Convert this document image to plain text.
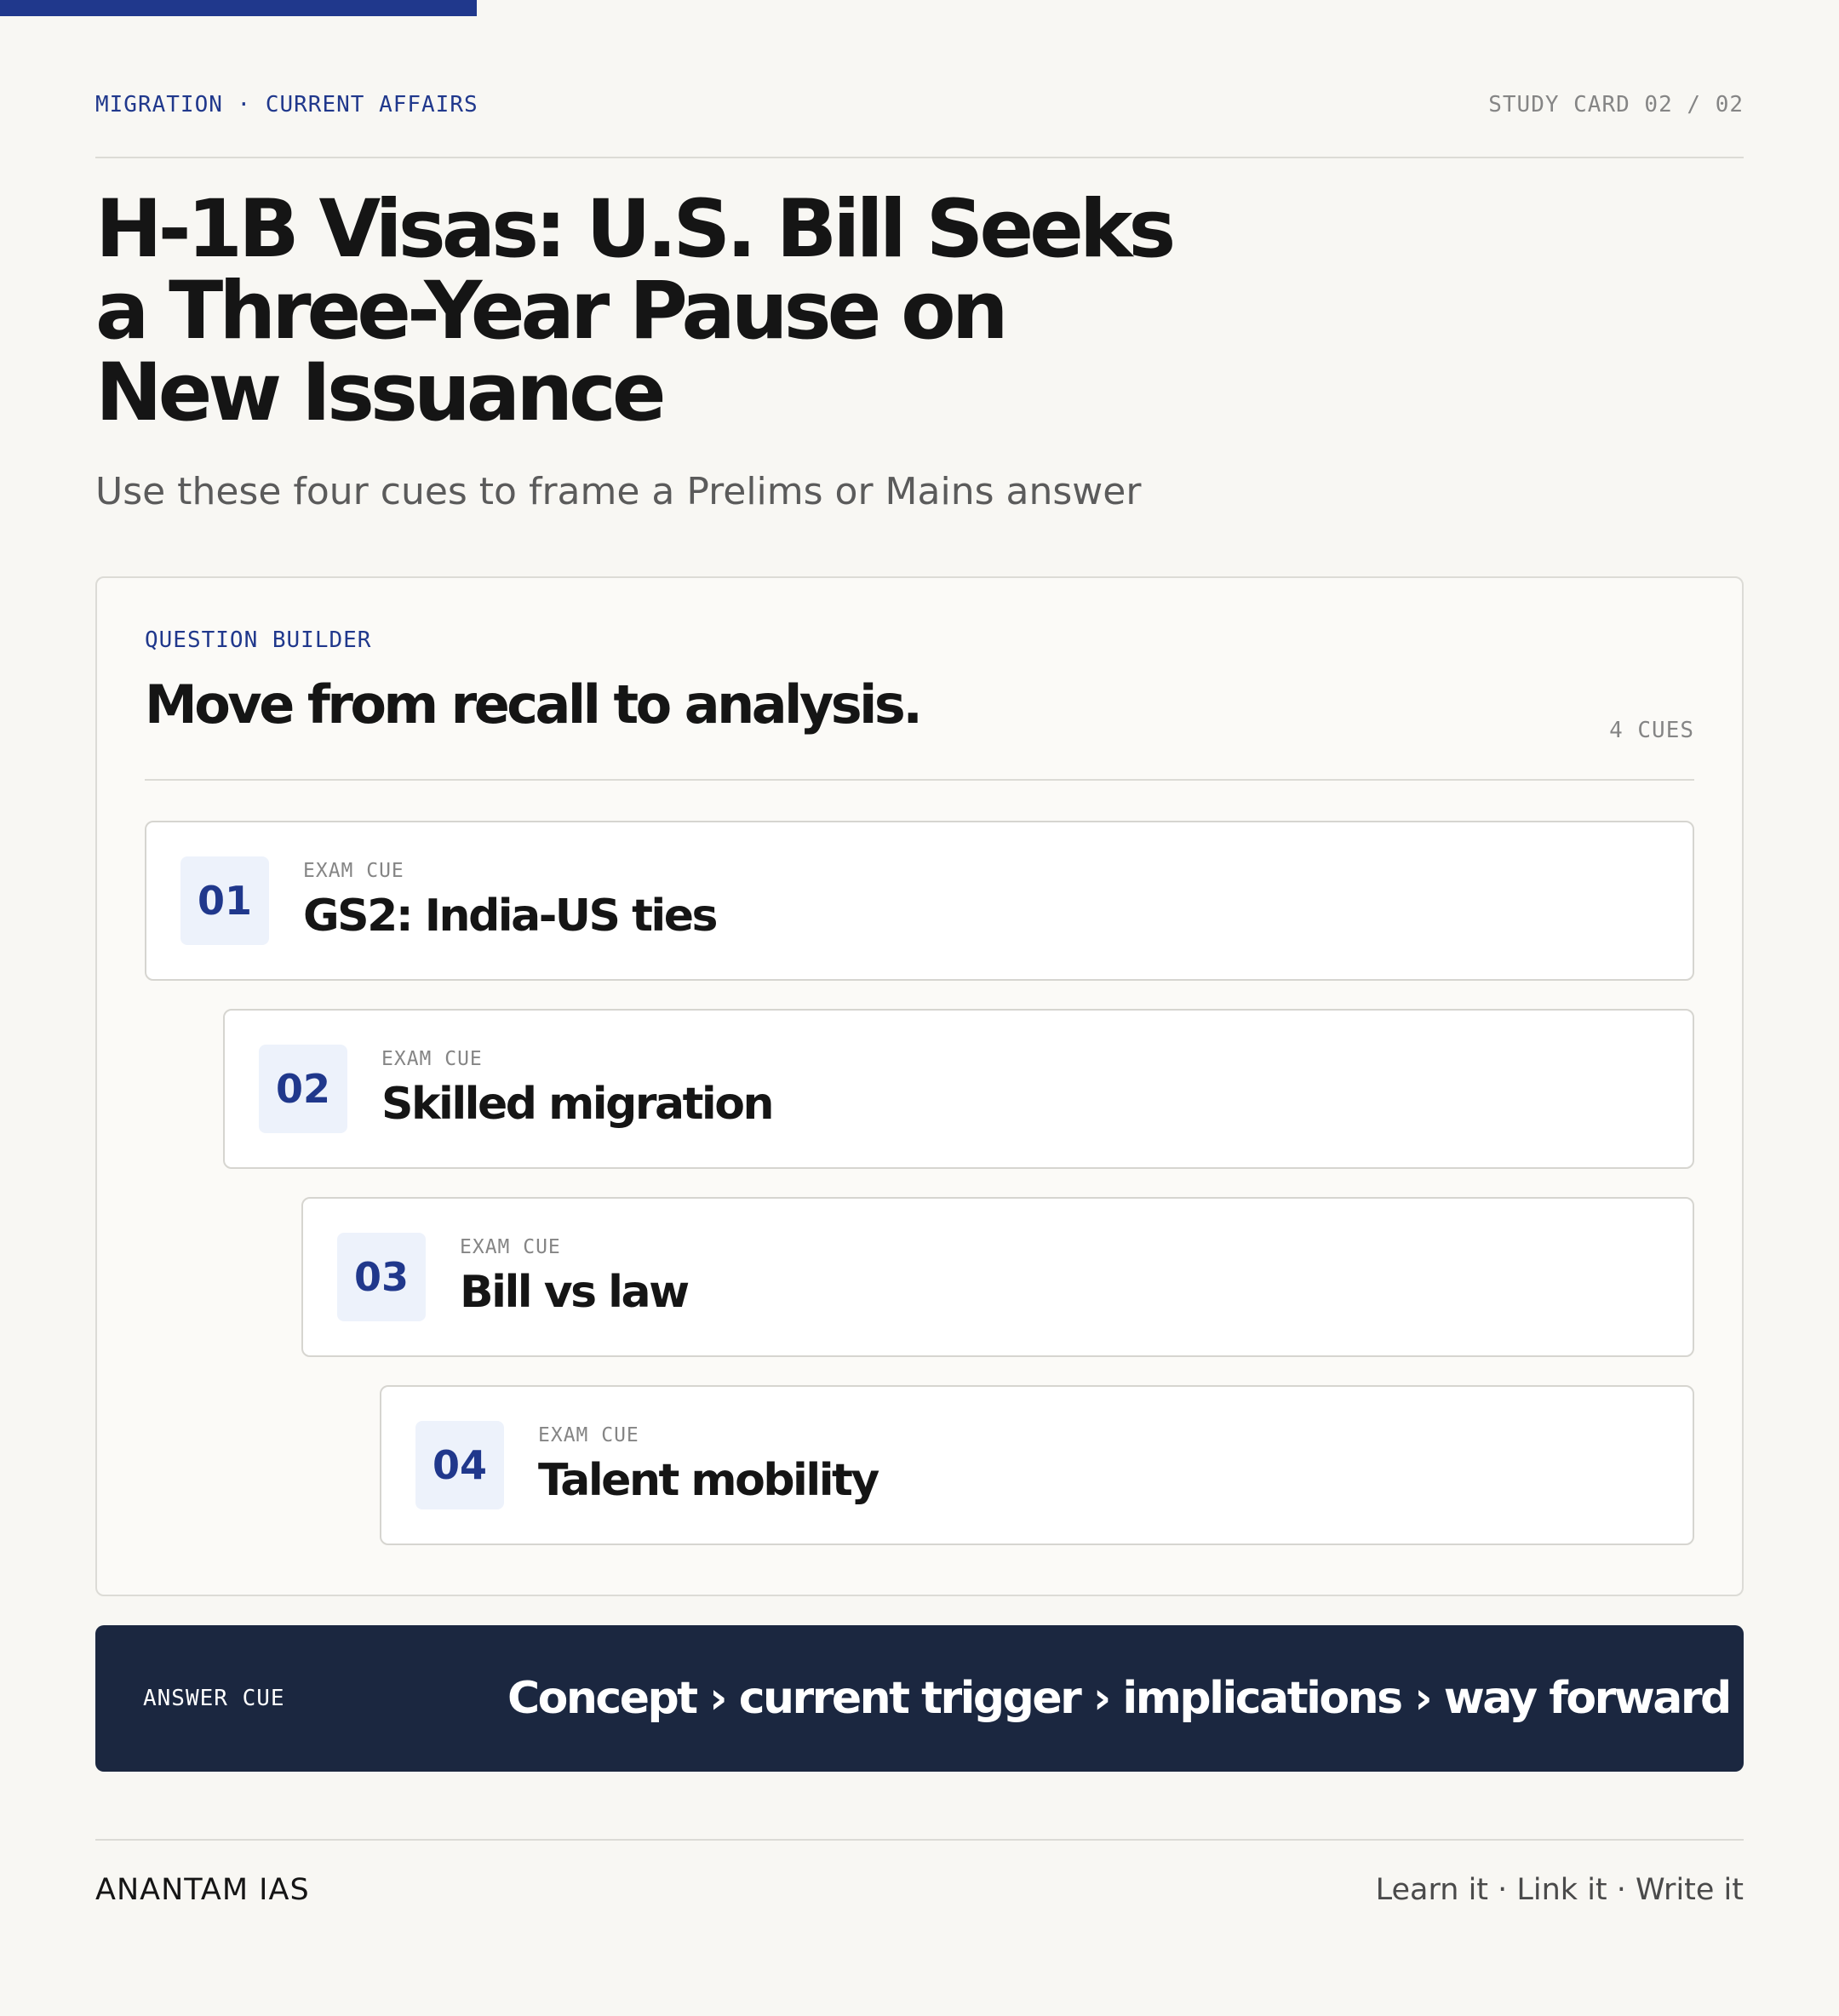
MIGRATION · CURRENT AFFAIRS	STUDY CARD 02 / 02
H-1B Visas: U.S. Bill Seeks a Three-Year Pause on New Issuance

Use these four cues to frame a Prelims or Mains answer

QUESTION BUILDER
Move from recall to analysis.	4 CUES
01
EXAM CUE
GS2: India-US ties
02
EXAM CUE
Skilled migration
03
EXAM CUE
Bill vs law
04
EXAM CUE
Talent mobility
ANSWER CUE	Concept › current trigger › implications › way forward
ANANTAM IAS	Learn it · Link it · Write it
